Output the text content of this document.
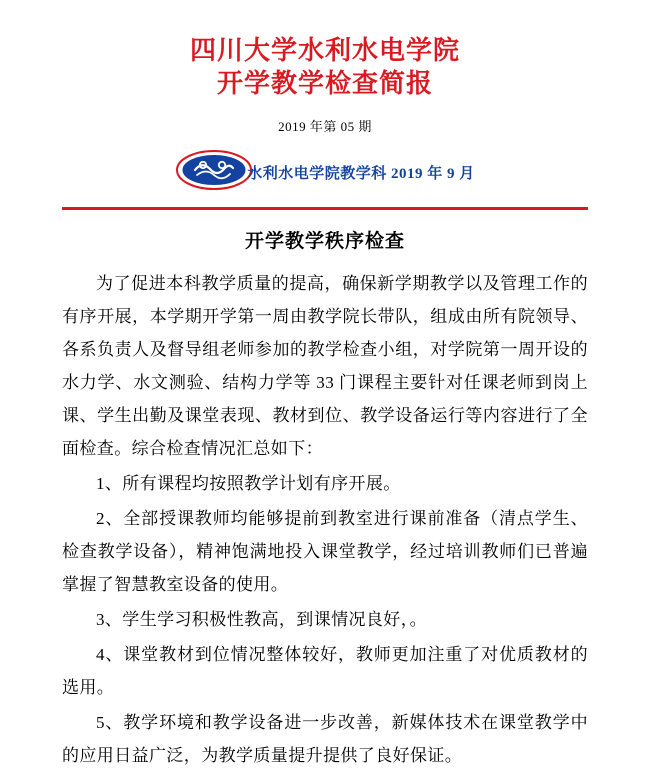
四川大学水利水电学院
开学教学检查简报
2019 年第 05 期
水利水电学院教学科 2019 年 9 月
开学教学秩序检查

为了促进本科教学质量的提高，确保新学期教学以及管理工作的有序开展，本学期开学第一周由教学院长带队，组成由所有院领导、各系负责人及督导组老师参加的教学检查小组，对学院第一周开设的水力学、水文测验、结构力学等 33 门课程主要针对任课老师到岗上课、学生出勤及课堂表现、教材到位、教学设备运行等内容进行了全面检查。综合检查情况汇总如下：

1、所有课程均按照教学计划有序开展。

2、全部授课教师均能够提前到教室进行课前准备（清点学生、检查教学设备），精神饱满地投入课堂教学，经过培训教师们已普遍掌握了智慧教室设备的使用。

3、学生学习积极性教高，到课情况良好，。

4、课堂教材到位情况整体较好，教师更加注重了对优质教材的选用。

5、教学环境和教学设备进一步改善，新媒体技术在课堂教学中的应用日益广泛，为教学质量提升提供了良好保证。
